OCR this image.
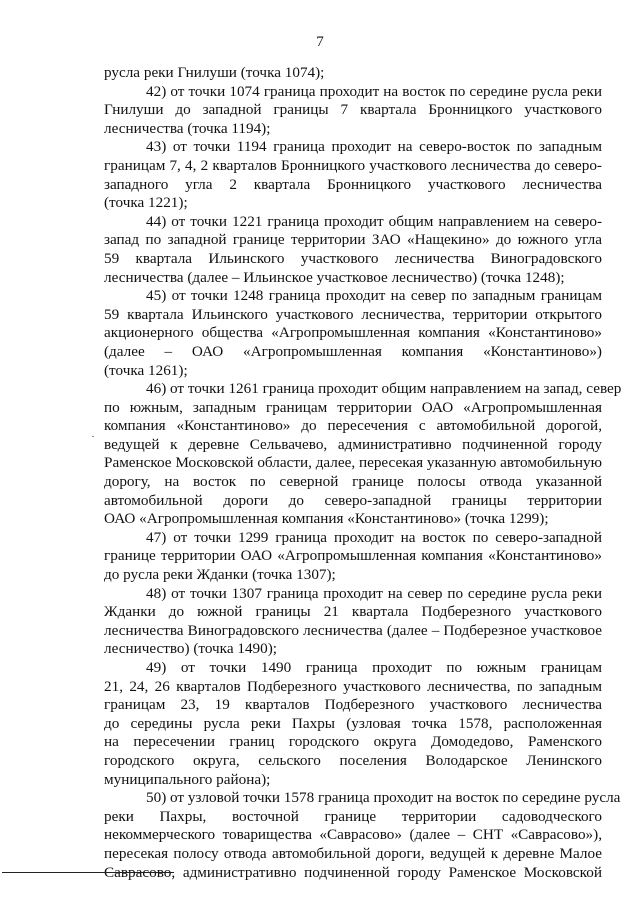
7
русла реки Гнилуши (точка 1074);
42) от точки 1074 граница проходит на восток по середине русла реки
Гнилуши до западной границы 7 квартала Бронницкого участкового
лесничества (точка 1194);
43) от точки 1194 граница проходит на северо-восток по западным
границам 7, 4, 2 кварталов Бронницкого участкового лесничества до северо-
западного угла 2 квартала Бронницкого участкового лесничества
(точка 1221);
44) от точки 1221 граница проходит общим направлением на северо-
запад по западной границе территории ЗАО «Нащекино» до южного угла
59 квартала Ильинского участкового лесничества Виноградовского
лесничества (далее – Ильинское участковое лесничество) (точка 1248);
45) от точки 1248 граница проходит на север по западным границам
59 квартала Ильинского участкового лесничества, территории открытого
акционерного общества «Агропромышленная компания «Константиново»
(далее – ОАО «Агропромышленная компания «Константиново»)
(точка 1261);
46) от точки 1261 граница проходит общим направлением на запад, север
по южным, западным границам территории ОАО «Агропромышленная
компания «Константиново» до пересечения с автомобильной дорогой,
ведущей к деревне Сельвачево, административно подчиненной городу
Раменское Московской области, далее, пересекая указанную автомобильную
дорогу, на восток по северной границе полосы отвода указанной
автомобильной дороги до северо-западной границы территории
ОАО «Агропромышленная компания «Константиново» (точка 1299);
47) от точки 1299 граница проходит на восток по северо-западной
границе территории ОАО «Агропромышленная компания «Константиново»
до русла реки Жданки (точка 1307);
48) от точки 1307 граница проходит на север по середине русла реки
Жданки до южной границы 21 квартала Подберезного участкового
лесничества Виноградовского лесничества (далее – Подберезное участковое
лесничество) (точка 1490);
49) от точки 1490 граница проходит по южным границам
21, 24, 26 кварталов Подберезного участкового лесничества, по западным
границам 23, 19 кварталов Подберезного участкового лесничества
до середины русла реки Пахры (узловая точка 1578, расположенная
на пересечении границ городского округа Домодедово, Раменского
городского округа, сельского поселения Володарское Ленинского
муниципального района);
50) от узловой точки 1578 граница проходит на восток по середине русла
реки Пахры, восточной границе территории садоводческого
некоммерческого товарищества «Саврасово» (далее – СНТ «Саврасово»),
пересекая полосу отвода автомобильной дороги, ведущей к деревне Малое
Саврасово, административно подчиненной городу Раменское Московской
